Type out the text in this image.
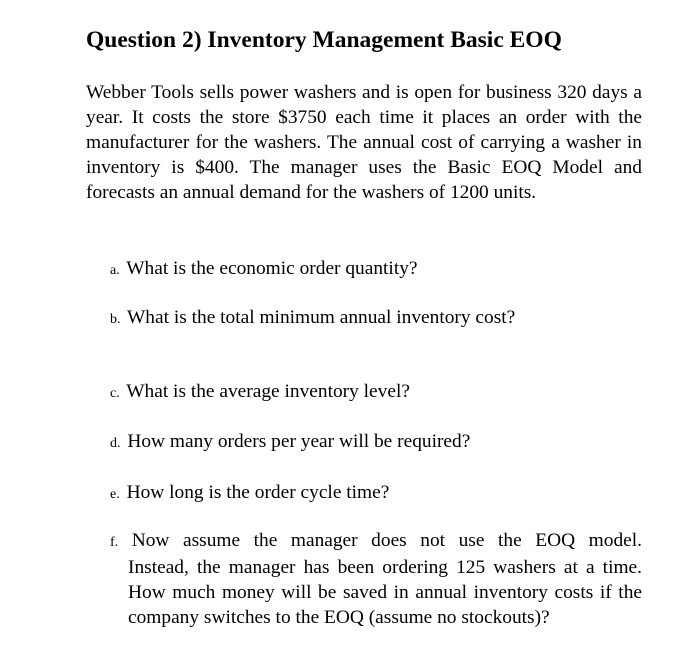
Question 2) Inventory Management Basic EOQ

Webber Tools sells power washers and is open for business 320 days a year. It costs the store $3750 each time it places an order with the manufacturer for the washers. The annual cost of carrying a washer in inventory is $400. The manager uses the Basic EOQ Model and forecasts an annual demand for the washers of 1200 units.

a. What is the economic order quantity?
b. What is the total minimum annual inventory cost?
c. What is the average inventory level?
d. How many orders per year will be required?
e. How long is the order cycle time?
f. Now assume the manager does not use the EOQ model.
Instead, the manager has been ordering 125 washers at a time. How much money will be saved in annual inventory costs if the company switches to the EOQ (assume no stockouts)?
